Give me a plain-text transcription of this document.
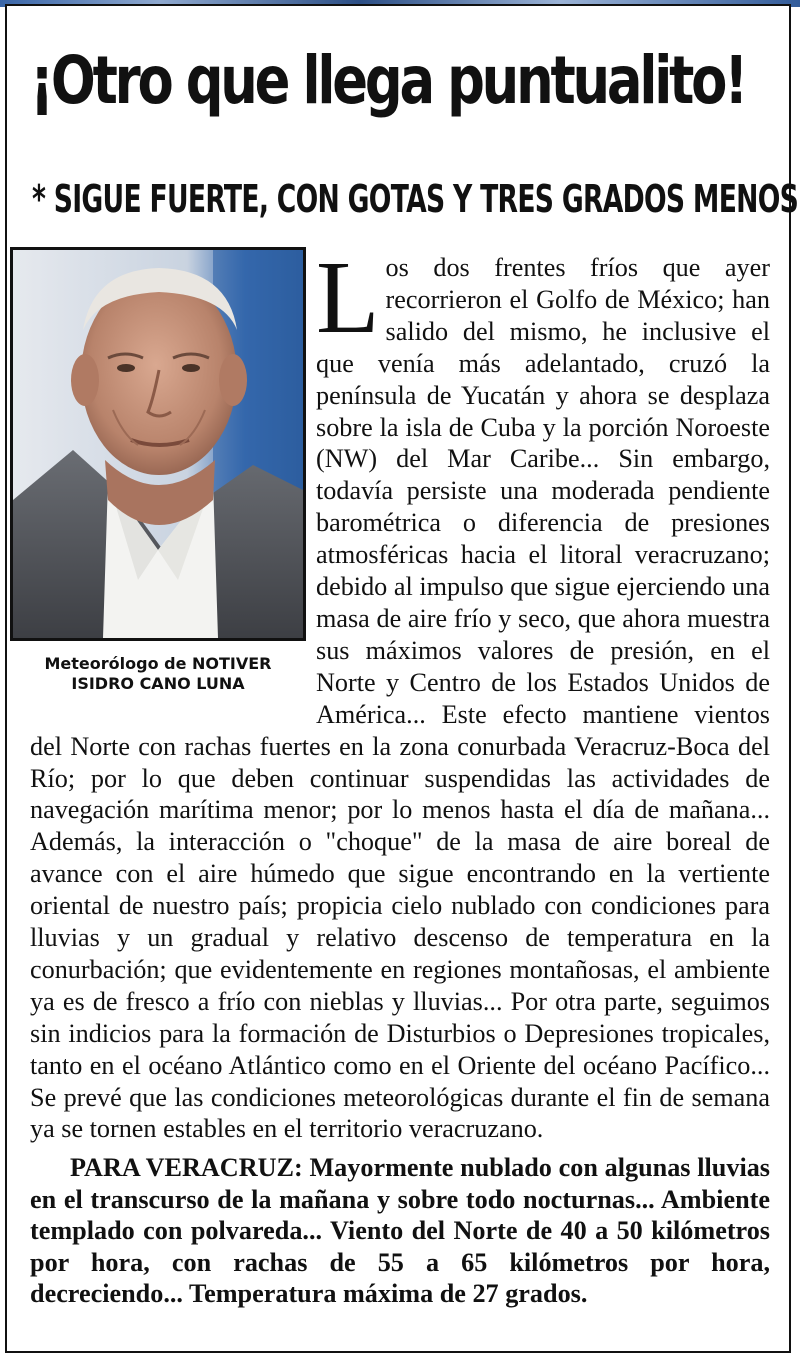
¡Otro que llega puntualito!
* SIGUE FUERTE, CON GOTAS Y TRES GRADOS MENOS
Meteorólogo de NOTIVER
ISIDRO CANO LUNA
L os dos frentes fríos que ayer recorrieron el Golfo de México; han salido del mismo, he inclusive el que venía más adelantado, cruzó la península de Yucatán y ahora se desplaza sobre la isla de Cuba y la porción Noroeste (NW) del Mar Caribe... Sin embargo, todavía persiste una moderada pendiente barométrica o diferencia de presiones atmosféricas hacia el litoral veracruzano; debido al impulso que sigue ejerciendo una masa de aire frío y seco, que ahora muestra sus máximos valores de presión, en el Norte y Centro de los Estados Unidos de América... Este efecto mantiene vientos del Norte con rachas fuertes en la zona conurbada Veracruz-Boca del Río; por lo que deben continuar suspendidas las actividades de navegación marítima menor; por lo menos hasta el día de mañana... Además, la interacción o "choque" de la masa de aire boreal de avance con el aire húmedo que sigue encontrando en la vertiente oriental de nuestro país; propicia cielo nublado con condiciones para lluvias y un gradual y relativo descenso de temperatura en la conurbación; que evidentemente en regiones montañosas, el ambiente ya es de fresco a frío con nieblas y lluvias... Por otra parte, seguimos sin indicios para la formación de Disturbios o Depresiones tropicales, tanto en el océano Atlántico como en el Oriente del océano Pacífico... Se prevé que las condiciones meteorológicas durante el fin de semana ya se tornen estables en el territorio veracruzano.

PARA VERACRUZ: Mayormente nublado con algunas lluvias en el transcurso de la mañana y sobre todo nocturnas... Ambiente templado con polvareda... Viento del Norte de 40 a 50 kilómetros por hora, con rachas de 55 a 65 kilómetros por hora, decreciendo... Temperatura máxima de 27 grados.
